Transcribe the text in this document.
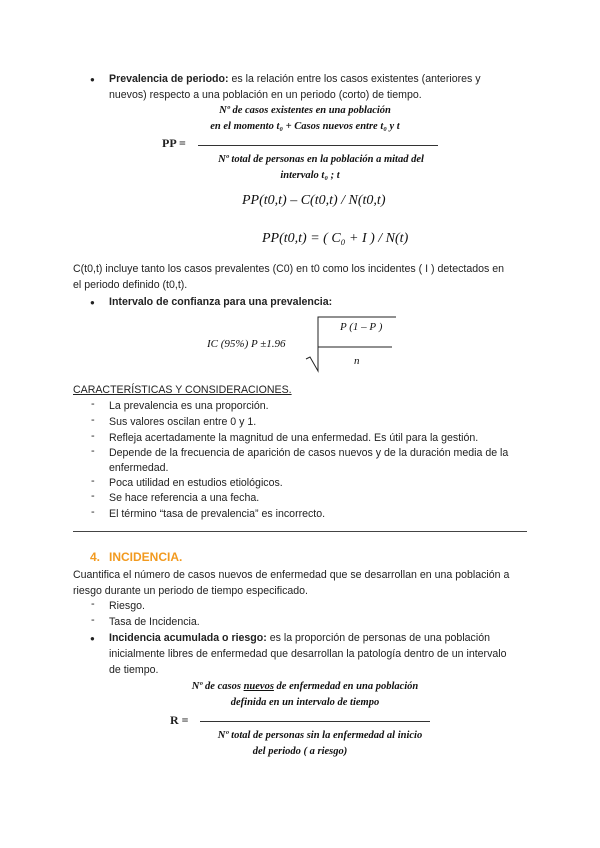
● Prevalencia de periodo: es la relación entre los casos existentes (anteriores y
nuevos) respecto a una población en un periodo (corto) de tiempo.
Nº de casos existentes en una población
en el momento t₀ + Casos nuevos entre t₀ y t
PP =
Nº total de personas en la población a mitad del
intervalo t₀ ; t
PP(t0,t) – C(t0,t) / N(t0,t)
PP(t0,t) = ( C₀ + I ) / N(t)
C(t0,t) incluye tanto los casos prevalentes (C0) en t0 como los incidentes ( I ) detectados en
el periodo definido (t0,t).
● Intervalo de confianza para una prevalencia:
IC (95%) P ±1.96
P (1 – P )
n
CARACTERÍSTICAS Y CONSIDERACIONES.
- La prevalencia es una proporción.
- Sus valores oscilan entre 0 y 1.
- Refleja acertadamente la magnitud de una enfermedad. Es útil para la gestión.
- Depende de la frecuencia de aparición de casos nuevos y de la duración media de la
enfermedad.
- Poca utilidad en estudios etiológicos.
- Se hace referencia a una fecha.
- El término “tasa de prevalencia” es incorrecto.
4. INCIDENCIA.
Cuantifica el número de casos nuevos de enfermedad que se desarrollan en una población a
riesgo durante un periodo de tiempo especificado.
- Riesgo.
- Tasa de Incidencia.
● Incidencia acumulada o riesgo: es la proporción de personas de una población
inicialmente libres de enfermedad que desarrollan la patología dentro de un intervalo
de tiempo.
Nº de casos nuevos de enfermedad en una población
definida en un intervalo de tiempo
R =
Nº total de personas sin la enfermedad al inicio
del periodo ( a riesgo)
